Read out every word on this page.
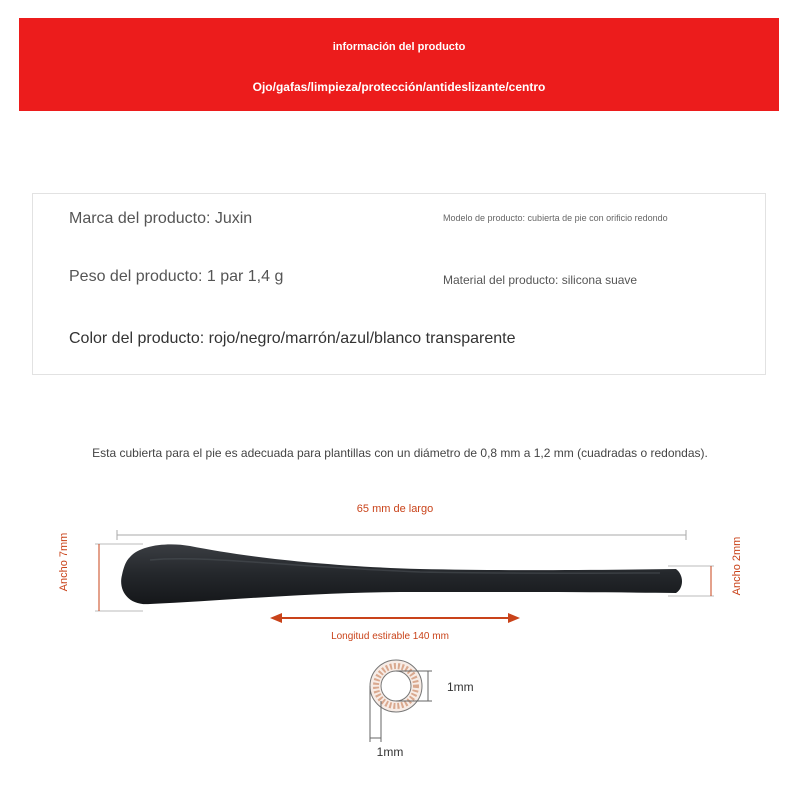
información del producto
Ojo/gafas/limpieza/protección/antideslizante/centro
Marca del producto: Juxin	Modelo de producto: cubierta de pie con orificio redondo
Peso del producto: 1 par 1,4 g	Material del producto: silicona suave
Color del producto: rojo/negro/marrón/azul/blanco transparente
Esta cubierta para el pie es adecuada para plantillas con un diámetro de 0,8 mm a 1,2 mm (cuadradas o redondas).
65 mm de largo
Ancho 7mm	Ancho 2mm
Longitud estirable 140 mm
1mm
1mm
